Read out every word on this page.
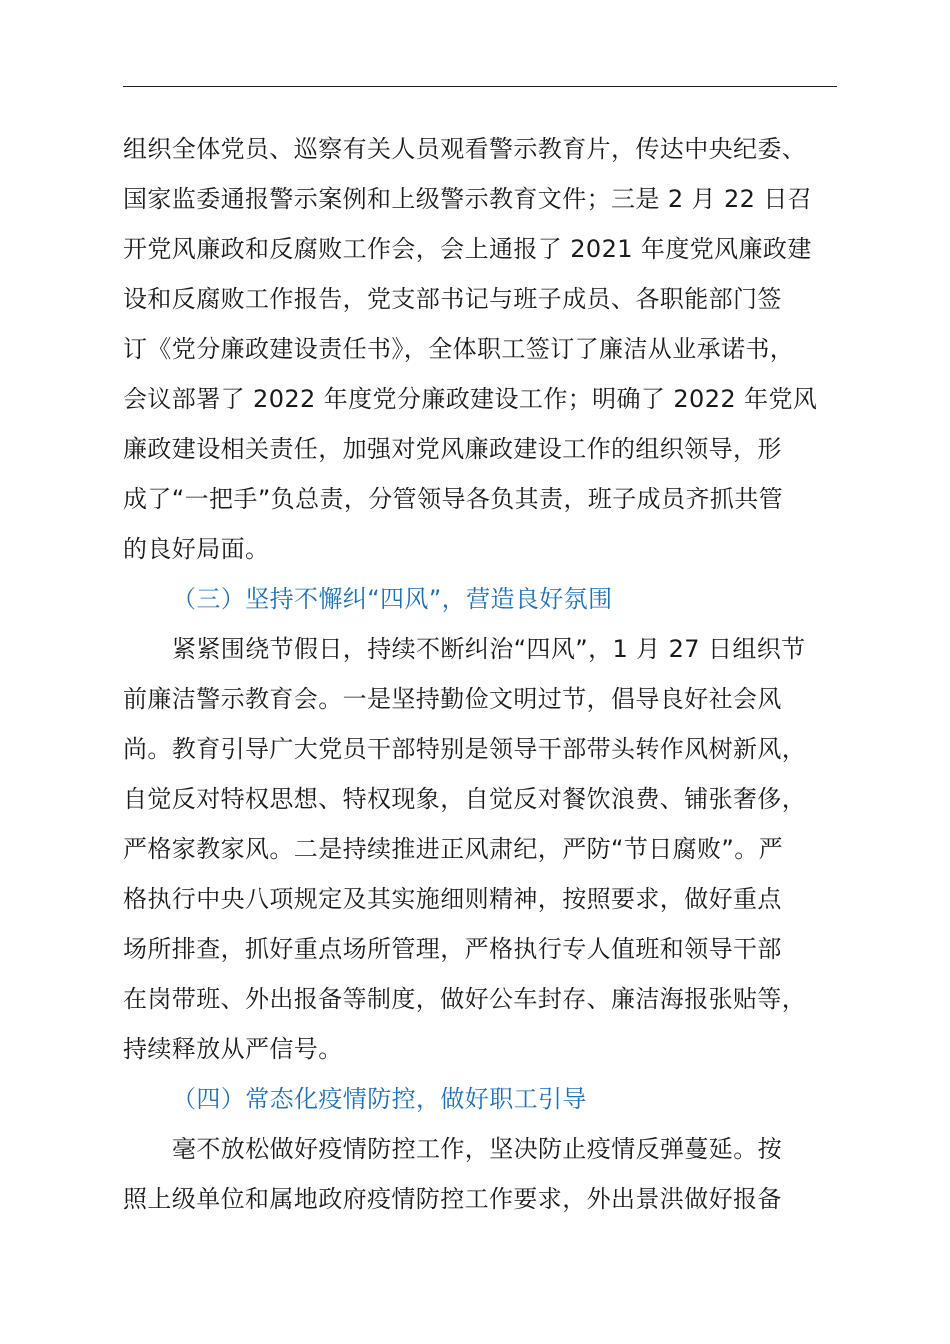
组织全体党员、巡察有关人员观看警示教育片，传达中央纪委、
国家监委通报警示案例和上级警示教育文件；三是 2 月 22 日召
开党风廉政和反腐败工作会，会上通报了 2021 年度党风廉政建
设和反腐败工作报告，党支部书记与班子成员、各职能部门签
订《党分廉政建设责任书》，全体职工签订了廉洁从业承诺书，
会议部署了 2022 年度党分廉政建设工作；明确了 2022 年党风
廉政建设相关责任，加强对党风廉政建设工作的组织领导，形
成了“一把手”负总责，分管领导各负其责，班子成员齐抓共管
的良好局面。
（三）坚持不懈纠“四风”，营造良好氛围
紧紧围绕节假日，持续不断纠治“四风”，1 月 27 日组织节
前廉洁警示教育会。一是坚持勤俭文明过节，倡导良好社会风
尚。教育引导广大党员干部特别是领导干部带头转作风树新风，
自觉反对特权思想、特权现象，自觉反对餐饮浪费、铺张奢侈，
严格家教家风。二是持续推进正风肃纪，严防“节日腐败”。严
格执行中央八项规定及其实施细则精神，按照要求，做好重点
场所排查，抓好重点场所管理，严格执行专人值班和领导干部
在岗带班、外出报备等制度，做好公车封存、廉洁海报张贴等，
持续释放从严信号。
（四）常态化疫情防控，做好职工引导
毫不放松做好疫情防控工作，坚决防止疫情反弹蔓延。按
照上级单位和属地政府疫情防控工作要求，外出景洪做好报备
